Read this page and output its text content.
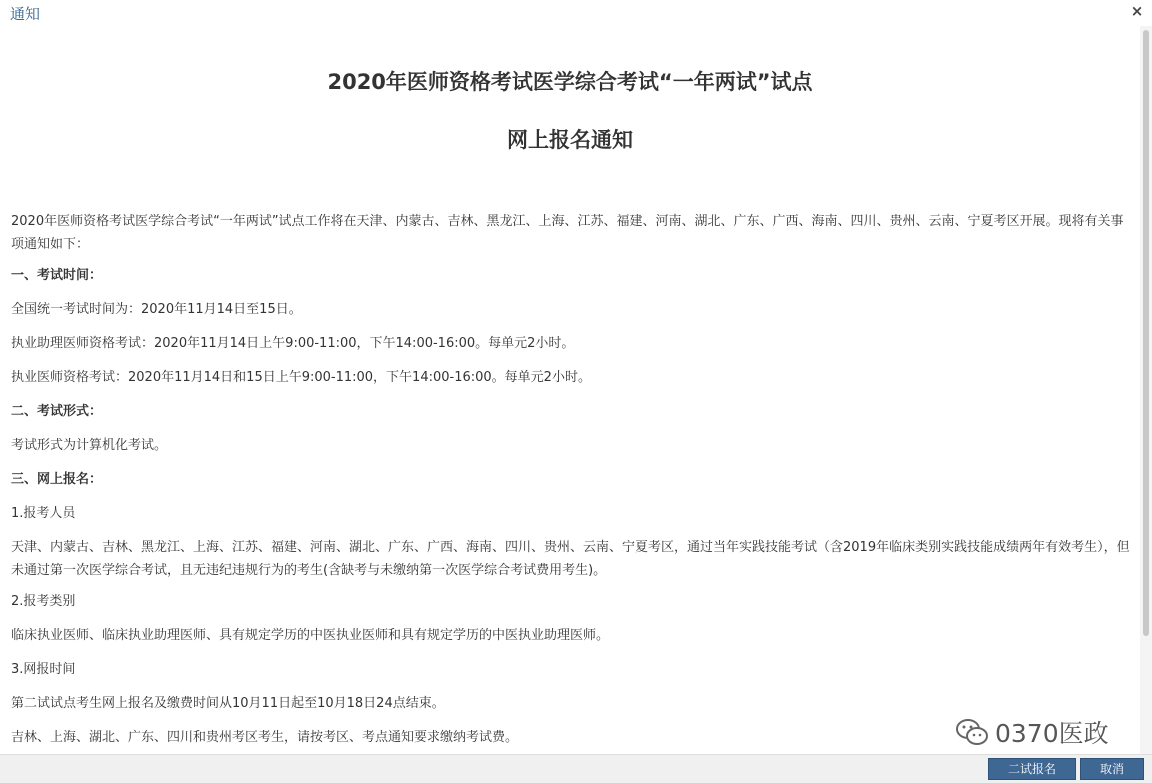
通知	×
2020年医师资格考试医学综合考试“一年两试”试点
网上报名通知
2020年医师资格考试医学综合考试“一年两试”试点工作将在天津、内蒙古、吉林、黑龙江、上海、江苏、福建、河南、湖北、广东、广西、海南、四川、贵州、云南、宁夏考区开展。现将有关事项通知如下：
一、考试时间：
全国统一考试时间为：2020年11月14日至15日。
执业助理医师资格考试：2020年11月14日上午9:00-11:00，下午14:00-16:00。每单元2小时。
执业医师资格考试：2020年11月14日和15日上午9:00-11:00，下午14:00-16:00。每单元2小时。
二、考试形式：
考试形式为计算机化考试。
三、网上报名：
1.报考人员
天津、内蒙古、吉林、黑龙江、上海、江苏、福建、河南、湖北、广东、广西、海南、四川、贵州、云南、宁夏考区，通过当年实践技能考试（含2019年临床类别实践技能成绩两年有效考生），但未通过第一次医学综合考试，且无违纪违规行为的考生(含缺考与未缴纳第一次医学综合考试费用考生)。
2.报考类别
临床执业医师、临床执业助理医师、具有规定学历的中医执业医师和具有规定学历的中医执业助理医师。
3.网报时间
第二试试点考生网上报名及缴费时间从10月11日起至10月18日24点结束。
吉林、上海、湖北、广东、四川和贵州考区考生，请按考区、考点通知要求缴纳考试费。	0370医政
二试报名	取消
